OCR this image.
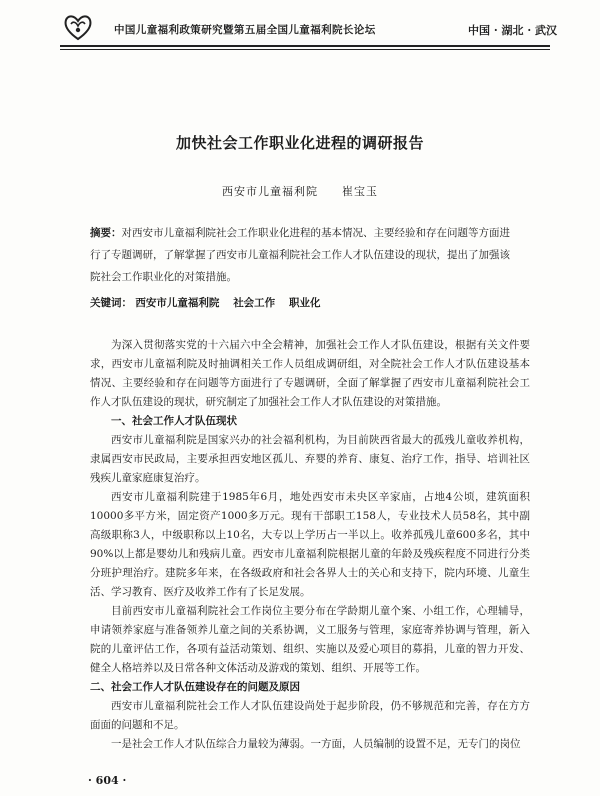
中国儿童福利政策研究暨第五届全国儿童福利院长论坛	中国 · 湖北 · 武汉
加快社会工作职业化进程的调研报告
西安市儿童福利院　　崔宝玉

摘要：对西安市儿童福利院社会工作职业化进程的基本情况、主要经验和存在问题等方面进行了专题调研，了解掌握了西安市儿童福利院社会工作人才队伍建设的现状，提出了加强该院社会工作职业化的对策措施。

关键词： 西安市儿童福利院　 社会工作　 职业化

为深入贯彻落实党的十六届六中全会精神，加强社会工作人才队伍建设，根据有关文件要求，西安市儿童福利院及时抽调相关工作人员组成调研组，对全院社会工作人才队伍建设基本情况、主要经验和存在问题等方面进行了专题调研，全面了解掌握了西安市儿童福利院社会工作人才队伍建设的现状，研究制定了加强社会工作人才队伍建设的对策措施。

一、社会工作人才队伍现状

西安市儿童福利院是国家兴办的社会福利机构，为目前陕西省最大的孤残儿童收养机构，隶属西安市民政局，主要承担西安地区孤儿、弃婴的养育、康复、治疗工作，指导、培训社区残疾儿童家庭康复治疗。

西安市儿童福利院建于1985年6月，地处西安市未央区辛家庙，占地4公顷，建筑面积10000多平方米，固定资产1000多万元。现有干部职工158人，专业技术人员58名，其中副高级职称3人，中级职称以上10名，大专以上学历占一半以上。收养孤残儿童600多名，其中90%以上都是婴幼儿和残病儿童。西安市儿童福利院根据儿童的年龄及残疾程度不同进行分类分班护理治疗。建院多年来，在各级政府和社会各界人士的关心和支持下，院内环境、儿童生活、学习教育、医疗及收养工作有了长足发展。

目前西安市儿童福利院社会工作岗位主要分布在学龄期儿童个案、小组工作，心理辅导，申请领养家庭与准备领养儿童之间的关系协调，义工服务与管理，家庭寄养协调与管理，新入院的儿童评估工作，各项有益活动策划、组织、实施以及爱心项目的募捐，儿童的智力开发、健全人格培养以及日常各种文体活动及游戏的策划、组织、开展等工作。

二、社会工作人才队伍建设存在的问题及原因

西安市儿童福利院社会工作人才队伍建设尚处于起步阶段，仍不够规范和完善，存在方方面面的问题和不足。

一是社会工作人才队伍综合力量较为薄弱。一方面，人员编制的设置不足，无专门的岗位

· 604 ·
